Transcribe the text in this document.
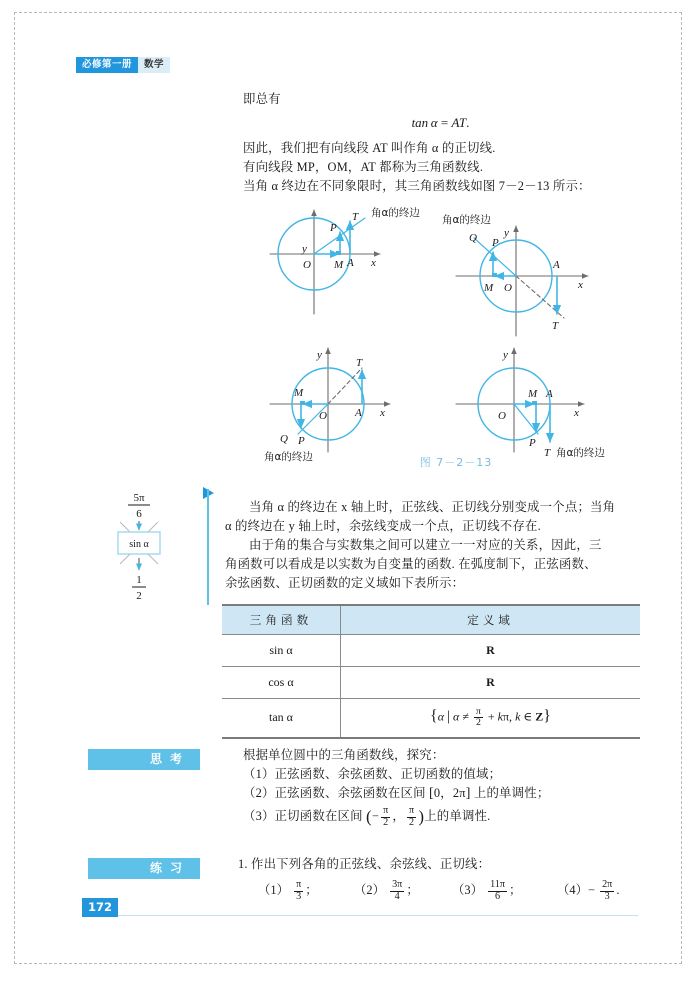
必修第一册	数学
即总有
tan  α = AT.
因此，我们把有向线段 AT 叫作角 α 的正切线.
有向线段 MP，OM，AT 都称为三角函数线.
当角 α 终边在不同象限时，其三角函数线如图 7－2－13 所示：
y
x
O M A
P
T 角α的终边
y
x
O
M
A
P
Q
T
角α的终边
y
x
O
M
A
P
Q
T
角α的终边
y
x
O
M A
P
T 角α的终边
图 7－2－13
5π
6
sin α
1
2
当角 α 的终边在 x 轴上时，正弦线、正切线分别变成一个点；当角
α 的终边在 y 轴上时，余弦线变成一个点，正切线不存在.
由于角的集合与实数集之间可以建立一一对应的关系，因此，三
角函数可以看成是以实数为自变量的函数. 在弧度制下，正弦函数、
余弦函数、正切函数的定义域如下表所示：
三角函数	定义域
sin α	R
cos α	R
tan α	{α | $\alpha \ne \frac{\pi}{2} + k\pi$, k ∈ Z}
思考	根据单位圆中的三角函数线，探究：
（1）正弦函数、余弦函数、正切函数的值域；
（2）正弦函数、余弦函数在区间 [0，2π] 上的单调性；
（3）正切函数在区间 (− $\frac{\pi}{2}$ ， $\frac{\pi}{2}$ )上的单调性.
练习	1. 作出下列各角的正弦线、余弦线、正切线：
$(1) \frac{\pi}{3}$ ；	$(2) \frac{3\pi}{4}$ ；	$(3) \frac{11\pi}{6}$ ；	$(4)- \frac{2\pi}{3}$ .
172
